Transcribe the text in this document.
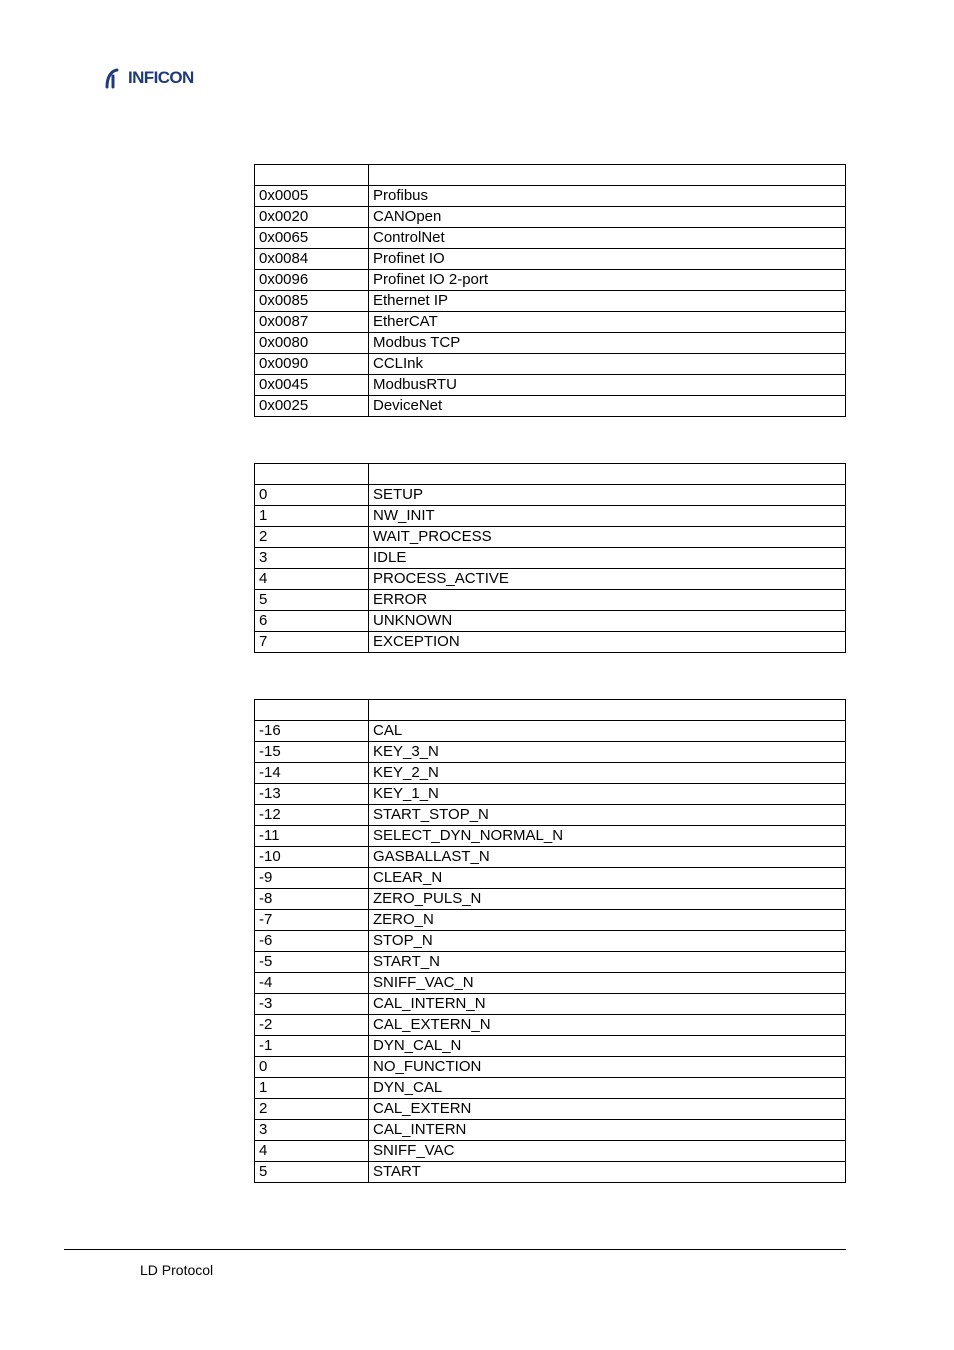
INFICON

0x0005	Profibus
0x0020	CANOpen
0x0065	ControlNet
0x0084	Profinet IO
0x0096	Profinet IO 2-port
0x0085	Ethernet IP
0x0087	EtherCAT
0x0080	Modbus TCP
0x0090	CCLInk
0x0045	ModbusRTU
0x0025	DeviceNet

0	SETUP
1	NW_INIT
2	WAIT_PROCESS
3	IDLE
4	PROCESS_ACTIVE
5	ERROR
6	UNKNOWN
7	EXCEPTION

-16	CAL
-15	KEY_3_N
-14	KEY_2_N
-13	KEY_1_N
-12	START_STOP_N
-11	SELECT_DYN_NORMAL_N
-10	GASBALLAST_N
-9	CLEAR_N
-8	ZERO_PULS_N
-7	ZERO_N
-6	STOP_N
-5	START_N
-4	SNIFF_VAC_N
-3	CAL_INTERN_N
-2	CAL_EXTERN_N
-1	DYN_CAL_N
0	NO_FUNCTION
1	DYN_CAL
2	CAL_EXTERN
3	CAL_INTERN
4	SNIFF_VAC
5	START
LD Protocol
